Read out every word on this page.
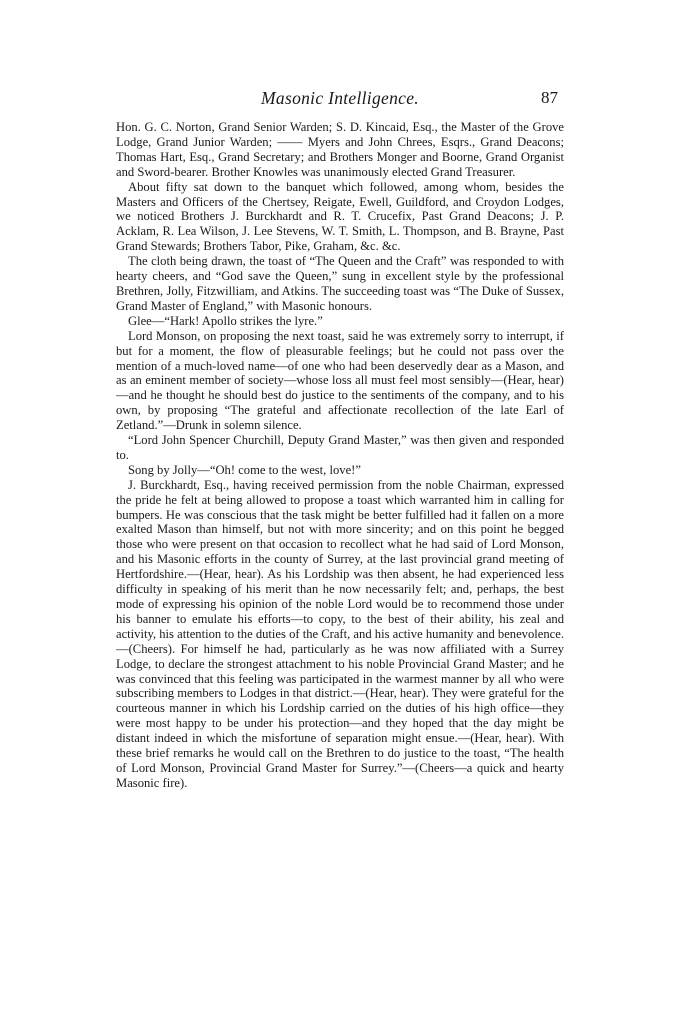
Masonic Intelligence.	87

Hon. G. C. Norton, Grand Senior Warden; S. D. Kincaid, Esq., the Master of the Grove Lodge, Grand Junior Warden; —— Myers and John Chrees, Esqrs., Grand Deacons; Thomas Hart, Esq., Grand Secretary; and Brothers Monger and Boorne, Grand Organist and Sword-bearer. Brother Knowles was unanimously elected Grand Treasurer.

About fifty sat down to the banquet which followed, among whom, besides the Masters and Officers of the Chertsey, Reigate, Ewell, Guildford, and Croydon Lodges, we noticed Brothers J. Burckhardt and R. T. Crucefix, Past Grand Deacons; J. P. Acklam, R. Lea Wilson, J. Lee Stevens, W. T. Smith, L. Thompson, and B. Brayne, Past Grand Stewards; Brothers Tabor, Pike, Graham, &c. &c.

The cloth being drawn, the toast of “The Queen and the Craft” was responded to with hearty cheers, and “God save the Queen,” sung in excellent style by the professional Brethren, Jolly, Fitzwilliam, and Atkins. The succeeding toast was “The Duke of Sussex, Grand Master of England,” with Masonic honours.

Glee—“Hark! Apollo strikes the lyre.”

Lord Monson, on proposing the next toast, said he was extremely sorry to interrupt, if but for a moment, the flow of pleasurable feelings; but he could not pass over the mention of a much-loved name—of one who had been deservedly dear as a Mason, and as an eminent member of society—whose loss all must feel most sensibly—(Hear, hear)—and he thought he should best do justice to the sentiments of the company, and to his own, by proposing “The grateful and affectionate recollection of the late Earl of Zetland.”—Drunk in solemn silence.

“Lord John Spencer Churchill, Deputy Grand Master,” was then given and responded to.

Song by Jolly—“Oh! come to the west, love!”

J. Burckhardt, Esq., having received permission from the noble Chairman, expressed the pride he felt at being allowed to propose a toast which warranted him in calling for bumpers. He was conscious that the task might be better fulfilled had it fallen on a more exalted Mason than himself, but not with more sincerity; and on this point he begged those who were present on that occasion to recollect what he had said of Lord Monson, and his Masonic efforts in the county of Surrey, at the last provincial grand meeting of Hertfordshire.—(Hear, hear). As his Lordship was then absent, he had experienced less difficulty in speaking of his merit than he now necessarily felt; and, perhaps, the best mode of expressing his opinion of the noble Lord would be to recommend those under his banner to emulate his efforts—to copy, to the best of their ability, his zeal and activity, his attention to the duties of the Craft, and his active humanity and benevolence.—(Cheers). For himself he had, particularly as he was now affiliated with a Surrey Lodge, to declare the strongest attachment to his noble Provincial Grand Master; and he was convinced that this feeling was participated in the warmest manner by all who were subscribing members to Lodges in that district.—(Hear, hear). They were grateful for the courteous manner in which his Lordship carried on the duties of his high office—they were most happy to be under his protection—and they hoped that the day might be distant indeed in which the misfortune of separation might ensue.—(Hear, hear). With these brief remarks he would call on the Brethren to do justice to the toast, “The health of Lord Monson, Provincial Grand Master for Surrey.”—(Cheers—a quick and hearty Masonic fire).
